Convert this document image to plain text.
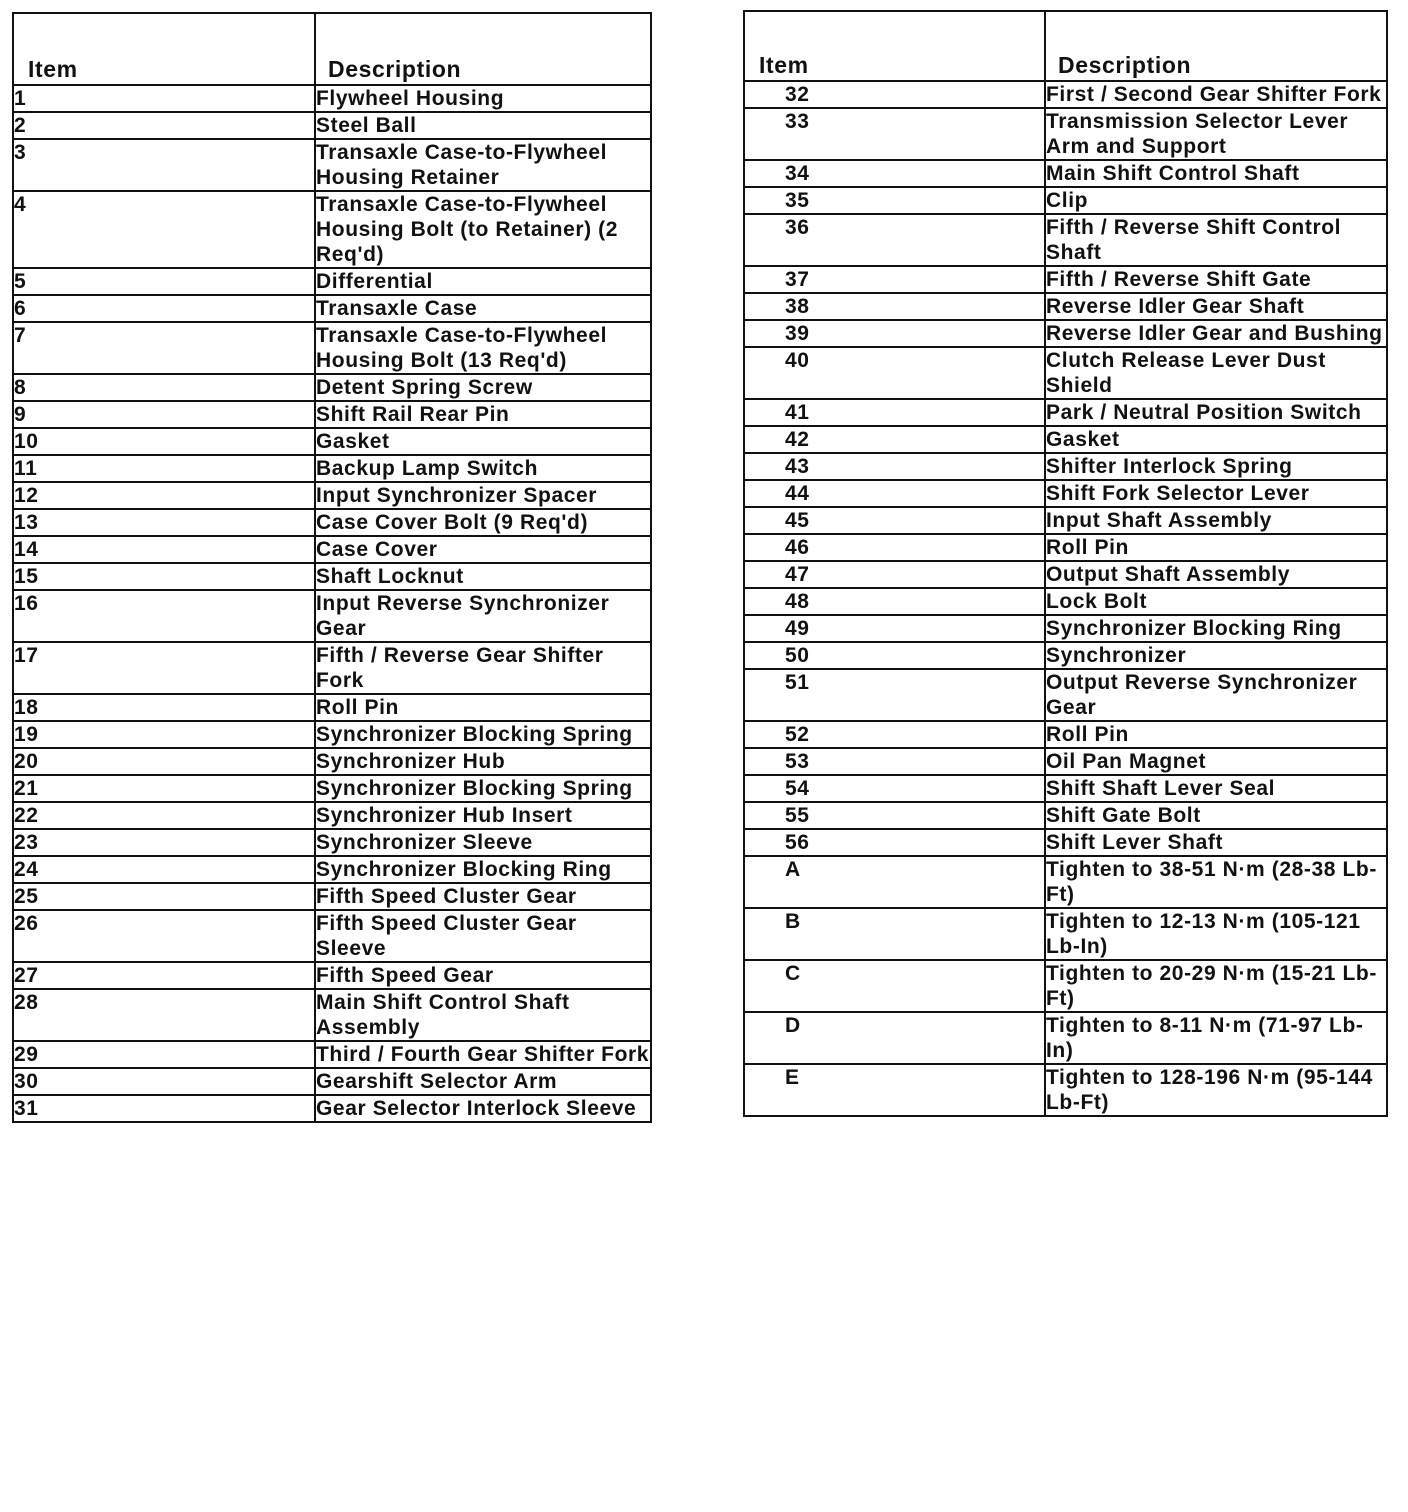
Item	Description
1	Flywheel Housing
2	Steel Ball
3	Transaxle Case-to-Flywheel Housing Retainer
4	Transaxle Case-to-Flywheel Housing Bolt (to Retainer) (2 Req'd)
5	Differential
6	Transaxle Case
7	Transaxle Case-to-Flywheel Housing Bolt (13 Req'd)
8	Detent Spring Screw
9	Shift Rail Rear Pin
10	Gasket
11	Backup Lamp Switch
12	Input Synchronizer Spacer
13	Case Cover Bolt (9 Req'd)
14	Case Cover
15	Shaft Locknut
16	Input Reverse Synchronizer Gear
17	Fifth / Reverse Gear Shifter Fork
18	Roll Pin
19	Synchronizer Blocking Spring
20	Synchronizer Hub
21	Synchronizer Blocking Spring
22	Synchronizer Hub Insert
23	Synchronizer Sleeve
24	Synchronizer Blocking Ring
25	Fifth Speed Cluster Gear
26	Fifth Speed Cluster Gear Sleeve
27	Fifth Speed Gear
28	Main Shift Control Shaft Assembly
29	Third / Fourth Gear Shifter Fork
30	Gearshift Selector Arm
31	Gear Selector Interlock Sleeve
Item	Description
32	First / Second Gear Shifter Fork
33	Transmission Selector Lever Arm and Support
34	Main Shift Control Shaft
35	Clip
36	Fifth / Reverse Shift Control Shaft
37	Fifth / Reverse Shift Gate
38	Reverse Idler Gear Shaft
39	Reverse Idler Gear and Bushing
40	Clutch Release Lever Dust Shield
41	Park / Neutral Position Switch
42	Gasket
43	Shifter Interlock Spring
44	Shift Fork Selector Lever
45	Input Shaft Assembly
46	Roll Pin
47	Output Shaft Assembly
48	Lock Bolt
49	Synchronizer Blocking Ring
50	Synchronizer
51	Output Reverse Synchronizer Gear
52	Roll Pin
53	Oil Pan Magnet
54	Shift Shaft Lever Seal
55	Shift Gate Bolt
56	Shift Lever Shaft
A	Tighten to 38-51 N·m (28-38 Lb-Ft)
B	Tighten to 12-13 N·m (105-121 Lb-In)
C	Tighten to 20-29 N·m (15-21 Lb-Ft)
D	Tighten to 8-11 N·m (71-97 Lb-In)
E	Tighten to 128-196 N·m (95-144 Lb-Ft)
